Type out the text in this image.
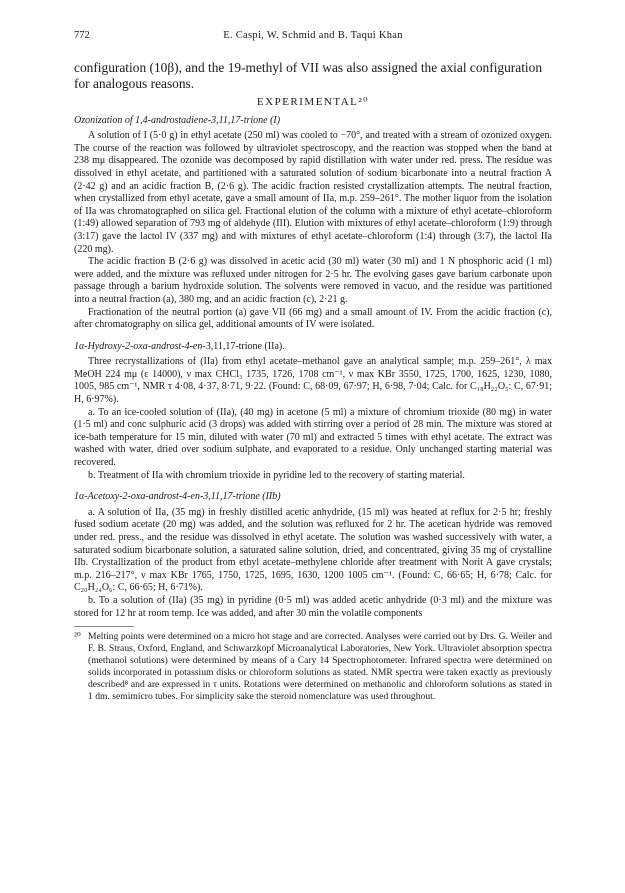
772	E. Caspi, W. Schmid and B. Taqui Khan

configuration (10β), and the 19-methyl of VII was also assigned the axial configuration for analogous reasons.

EXPERIMENTAL²⁰
Ozonization of 1,4-androstadiene-3,11,17-trione (I)

A solution of I (5·0 g) in ethyl acetate (250 ml) was cooled to −70°, and treated with a stream of ozonized oxygen. The course of the reaction was followed by ultraviolet spectroscopy, and the reaction was stopped when the band at 238 mμ disappeared. The ozonide was decomposed by rapid distillation with water under red. press. The residue was dissolved in ethyl acetate, and partitioned with a saturated solution of sodium bicarbonate into a neutral fraction A (2·42 g) and an acidic fraction B, (2·6 g). The acidic fraction resisted crystallization attempts. The neutral fraction, when crystallized from ethyl acetate, gave a small amount of IIa, m.p. 259–261°. The mother liquor from the isolation of IIa was chromatographed on silica gel. Fractional elution of the column with a mixture of ethyl acetate–chloroform (1:49) allowed separation of 793 mg of aldehyde (III). Elution with mixtures of ethyl acetate–chloroform (1:9) through (3:17) gave the lactol IV (337 mg) and with mixtures of ethyl acetate–chloroform (1:4) through (3:7), the lactol IIa (220 mg).

The acidic fraction B (2·6 g) was dissolved in acetic acid (30 ml) water (30 ml) and 1 N phosphoric acid (1 ml) were added, and the mixture was refluxed under nitrogen for 2·5 hr. The evolving gases gave barium carbonate upon passage through a barium hydroxide solution. The solvents were removed in vacuo, and the residue was partitioned into a neutral fraction (a), 380 mg, and an acidic fraction (c), 2·21 g.

Fractionation of the neutral portion (a) gave VII (66 mg) and a small amount of IV. From the acidic fraction (c), after chromatography on silica gel, additional amounts of IV were isolated.

1α-Hydroxy-2-oxa-androst-4-en-3,11,17-trione (IIa).

Three recrystallizations of (IIa) from ethyl acetate–methanol gave an analytical sample; m.p. 259–261°, λ max MeOH 224 mμ (ε 14000), ν max CHCl₃ 1735, 1726, 1708 cm⁻¹, ν max KBr 3550, 1725, 1700, 1625, 1230, 1080, 1005, 985 cm⁻¹, NMR τ 4·08, 4·37, 8·71, 9·22. (Found: C, 68·09, 67·97; H, 6·98, 7·04; Calc. for C₁₈H₂₂O₅: C, 67·91; H, 6·97%).

a. To an ice-cooled solution of (IIa), (40 mg) in acetone (5 ml) a mixture of chromium trioxide (80 mg) in water (1·5 ml) and conc sulphuric acid (3 drops) was added with stirring over a period of 28 min. The mixture was stored at ice-bath temperature for 15 min, diluted with water (70 ml) and extracted 5 times with ethyl acetate. The extract was washed with water, dried over sodium sulphate, and evaporated to a residue. Only unchanged starting material was recovered.

b. Treatment of IIa with chromium trioxide in pyridine led to the recovery of starting material.

1α-Acetoxy-2-oxa-androst-4-en-3,11,17-trione (IIb)

a. A solution of IIa, (35 mg) in freshly distilled acetic anhydride, (15 ml) was heated at reflux for 2·5 hr; freshly fused sodium acetate (20 mg) was added, and the solution was refluxed for 2 hr. The acetican hydride was removed under red. press., and the residue was dissolved in ethyl acetate. The solution was washed successively with water, a saturated sodium bicarbonate solution, a saturated saline solution, dried, and concentrated, giving 35 mg of crystalline IIb. Crystallization of the product from ethyl acetate–methylene chloride after treatment with Norit A gave crystals; m.p. 216–217°, ν max KBr 1765, 1750, 1725, 1695, 1630, 1200 1005 cm⁻¹. (Found: C, 66·65; H, 6·78; Calc. for C₂₀H₂₄O₆: C, 66·65; H, 6·71%).

b. To a solution of (IIa) (35 mg) in pyridine (0·5 ml) was added acetic anhydride (0·3 ml) and the mixture was stored for 12 hr at room temp. Ice was added, and after 30 min the volatile components

²⁰ Melting points were determined on a micro hot stage and are corrected. Analyses were carried out by Drs. G. Weiler and F. B. Straus, Oxford, England, and Schwarzkopf Microanalytical Laboratories, New York. Ultraviolet absorption spectra (methanol solutions) were determined by means of a Cary 14 Spectrophotometer. Infrared spectra were determined on solids incorporated in potassium disks or chloroform solutions as stated. NMR spectra were taken exactly as previously described⁸ and are expressed in τ units. Rotations were determined on methanolic and chloroform solutions as stated in 1 dm. semimicro tubes. For simplicity sake the steroid nomenclature was used throughout.
